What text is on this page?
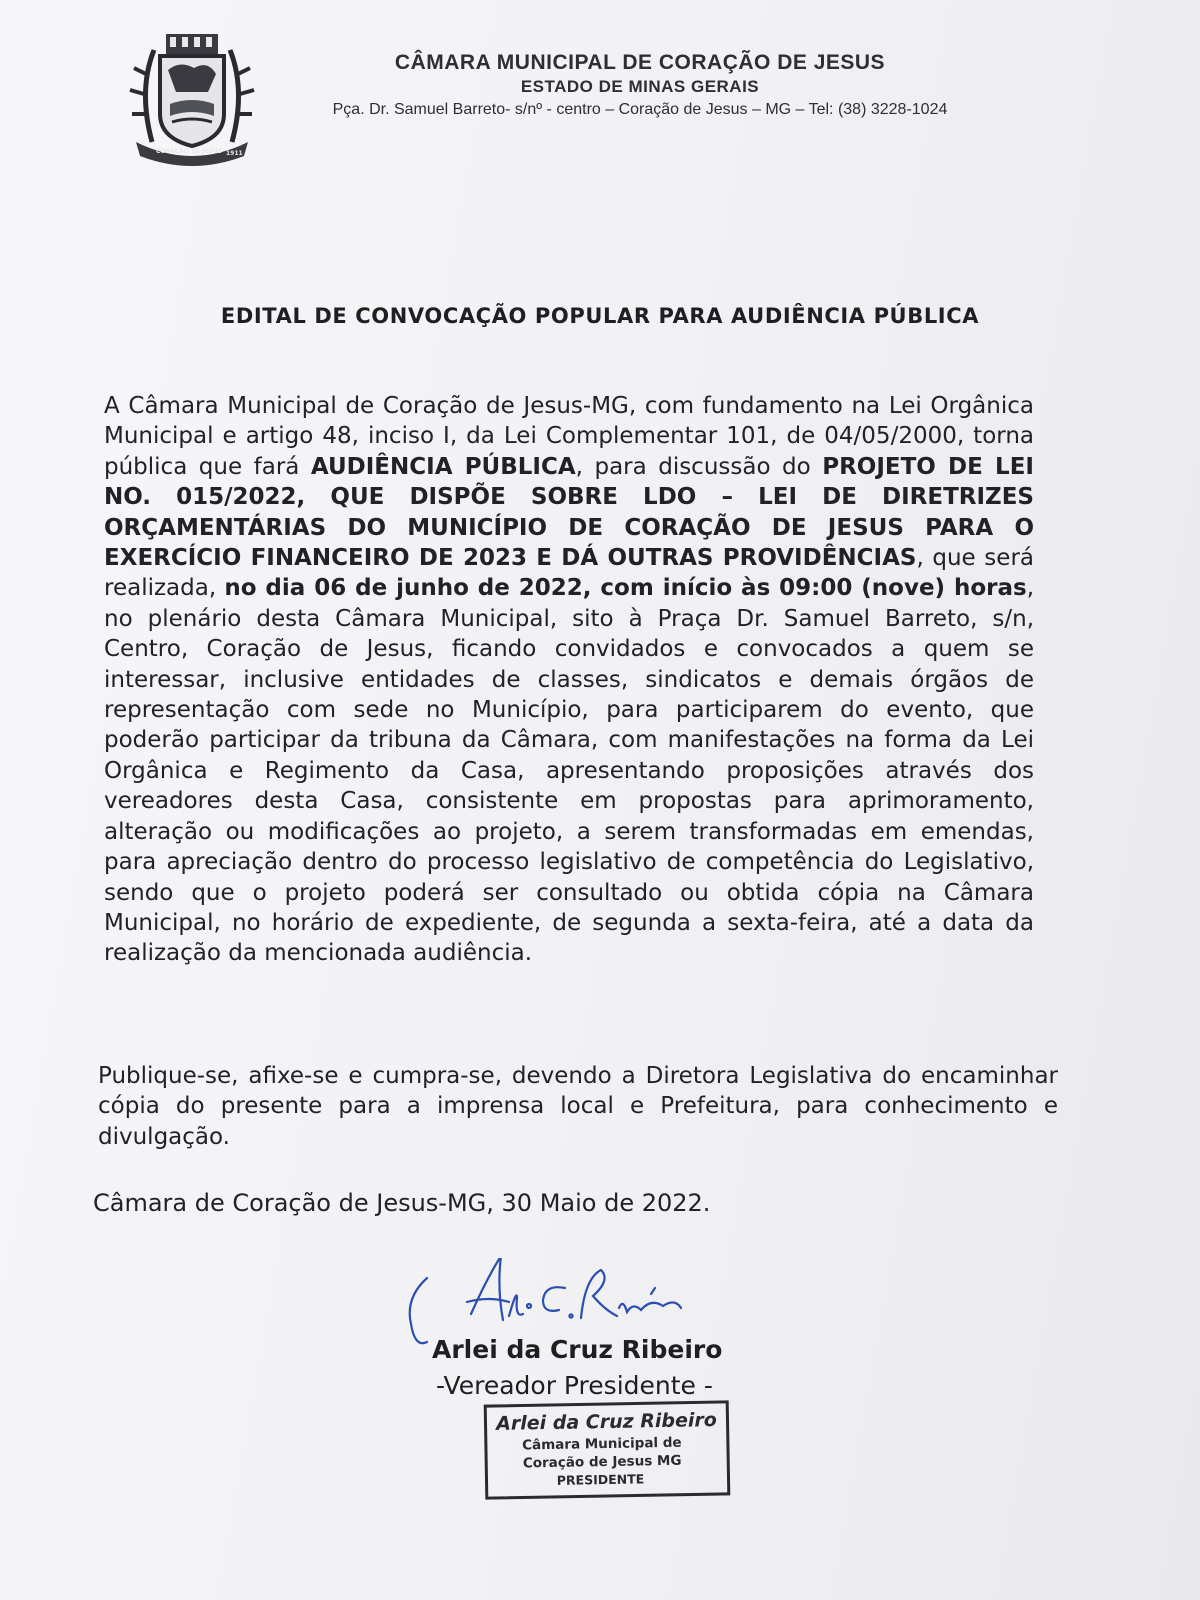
CORAÇÃO DE JESUS 1911
CÂMARA MUNICIPAL DE CORAÇÃO DE JESUS
ESTADO DE MINAS GERAIS
Pça. Dr. Samuel Barreto- s/nº - centro – Coração de Jesus – MG – Tel: (38) 3228-1024
EDITAL DE CONVOCAÇÃO POPULAR PARA AUDIÊNCIA PÚBLICA
A Câmara Municipal de Coração de Jesus-MG, com fundamento na Lei Orgânica Municipal e artigo 48, inciso I, da Lei Complementar 101, de 04/05/2000, torna pública que fará AUDIÊNCIA PÚBLICA, para discussão do PROJETO DE LEI NO. 015/2022, QUE DISPÕE SOBRE LDO – LEI DE DIRETRIZES ORÇAMENTÁRIAS DO MUNICÍPIO DE CORAÇÃO DE JESUS PARA O EXERCÍCIO FINANCEIRO DE 2023 E DÁ OUTRAS PROVIDÊNCIAS, que será realizada, no dia 06 de junho de 2022, com início às 09:00 (nove) horas, no plenário desta Câmara Municipal, sito à Praça Dr. Samuel Barreto, s/n, Centro, Coração de Jesus, ficando convidados e convocados a quem se interessar, inclusive entidades de classes, sindicatos e demais órgãos de representação com sede no Município, para participarem do evento, que poderão participar da tribuna da Câmara, com manifestações na forma da Lei Orgânica e Regimento da Casa, apresentando proposições através dos vereadores desta Casa, consistente em propostas para aprimoramento, alteração ou modificações ao projeto, a serem transformadas em emendas, para apreciação dentro do processo legislativo de competência do Legislativo, sendo que o projeto poderá ser consultado ou obtida cópia na Câmara Municipal, no horário de expediente, de segunda a sexta-feira, até a data da realização da mencionada audiência.
Publique-se, afixe-se e cumpra-se, devendo a Diretora Legislativa do encaminhar cópia do presente para a imprensa local e Prefeitura, para conhecimento e divulgação.
Câmara de Coração de Jesus-MG, 30 Maio de 2022.
Arlei da Cruz Ribeiro
-Vereador Presidente -
Arlei da Cruz Ribeiro
Câmara Municipal de
Coração de Jesus MG
PRESIDENTE
